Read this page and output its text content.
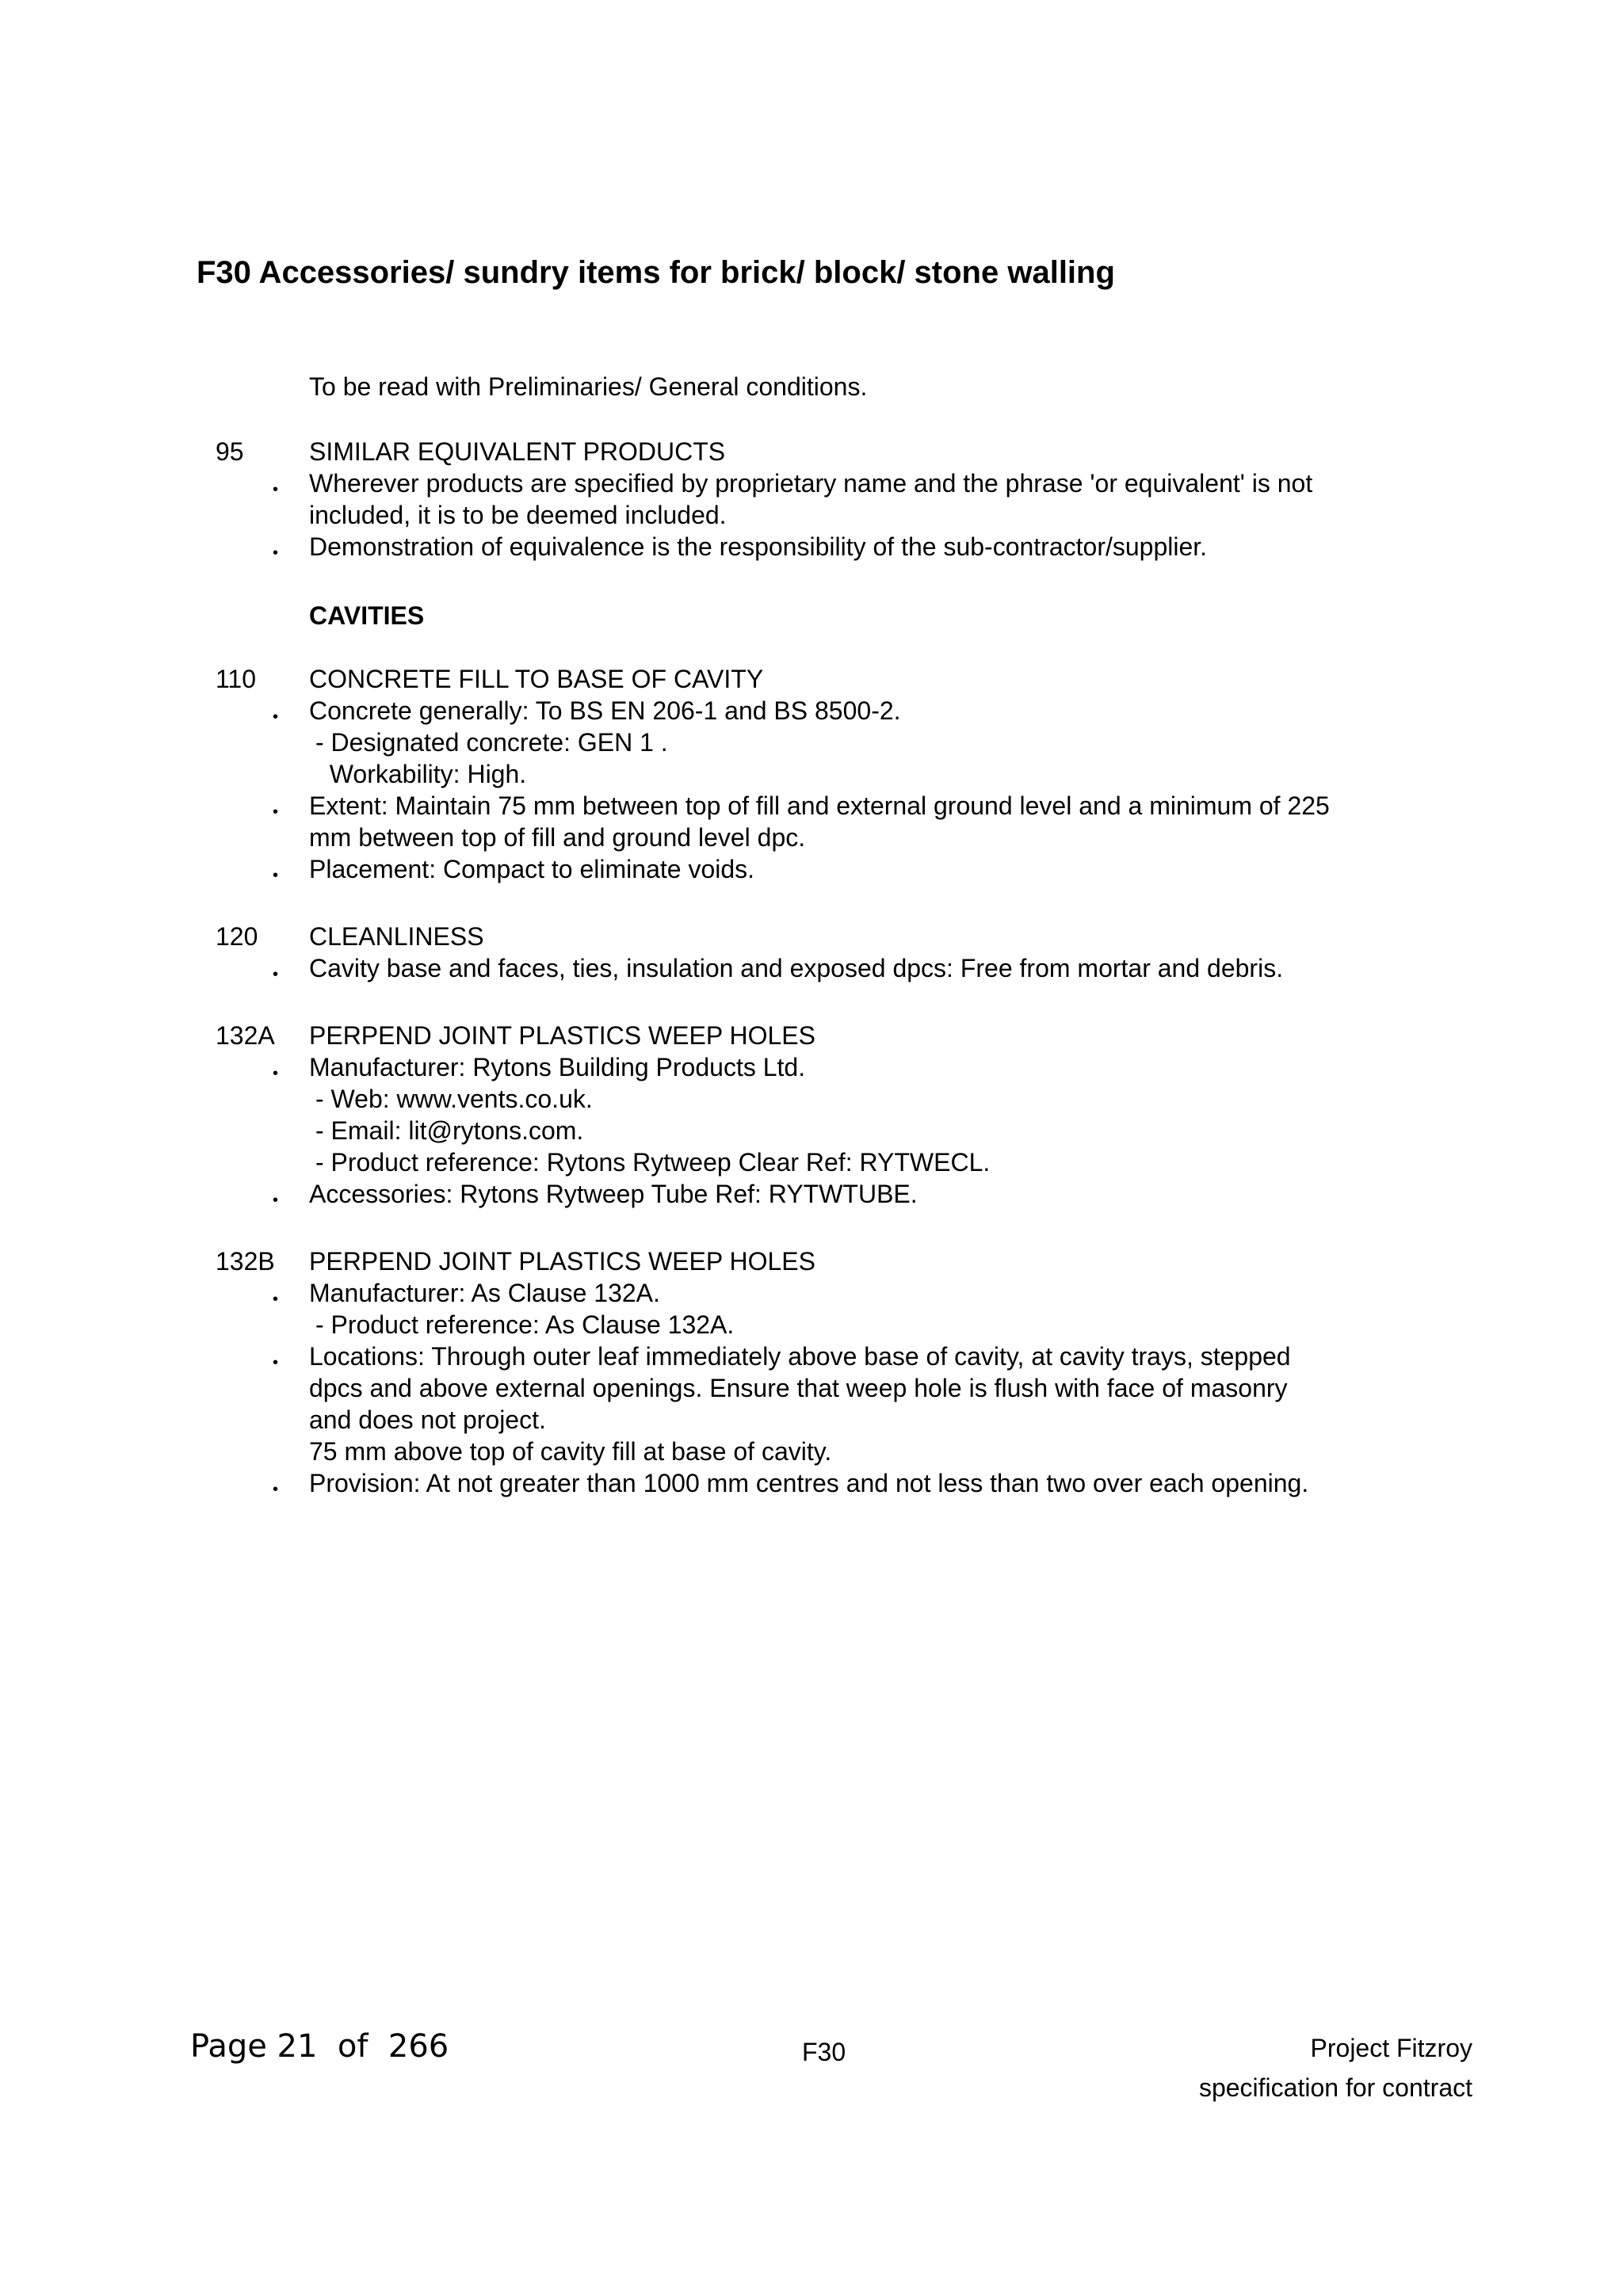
F30 Accessories/ sundry items for brick/ block/ stone walling
To be read with Preliminaries/ General conditions.
95	SIMILAR EQUIVALENT PRODUCTS
• Wherever products are specified by proprietary name and the phrase 'or equivalent' is not
included, it is to be deemed included.
• Demonstration of equivalence is the responsibility of the sub-contractor/supplier.
CAVITIES
110 CONCRETE FILL TO BASE OF CAVITY
• Concrete generally: To BS EN 206-1 and BS 8500-2.
- Designated concrete: GEN 1 .
Workability: High.
• Extent: Maintain 75 mm between top of fill and external ground level and a minimum of 225
mm between top of fill and ground level dpc.
• Placement: Compact to eliminate voids.
120 CLEANLINESS
• Cavity base and faces, ties, insulation and exposed dpcs: Free from mortar and debris.
132A PERPEND JOINT PLASTICS WEEP HOLES
• Manufacturer: Rytons Building Products Ltd.
- Web: www.vents.co.uk.
- Email: lit@rytons.com.
- Product reference: Rytons Rytweep Clear Ref: RYTWECL.
• Accessories: Rytons Rytweep Tube Ref: RYTWTUBE.
132B PERPEND JOINT PLASTICS WEEP HOLES
• Manufacturer: As Clause 132A.
- Product reference: As Clause 132A.
• Locations: Through outer leaf immediately above base of cavity, at cavity trays, stepped
dpcs and above external openings. Ensure that weep hole is flush with face of masonry
and does not project.
75 mm above top of cavity fill at base of cavity.
• Provision: At not greater than 1000 mm centres and not less than two over each opening.
Page 21  of  266	F30	Project Fitzroy
specification for contract
